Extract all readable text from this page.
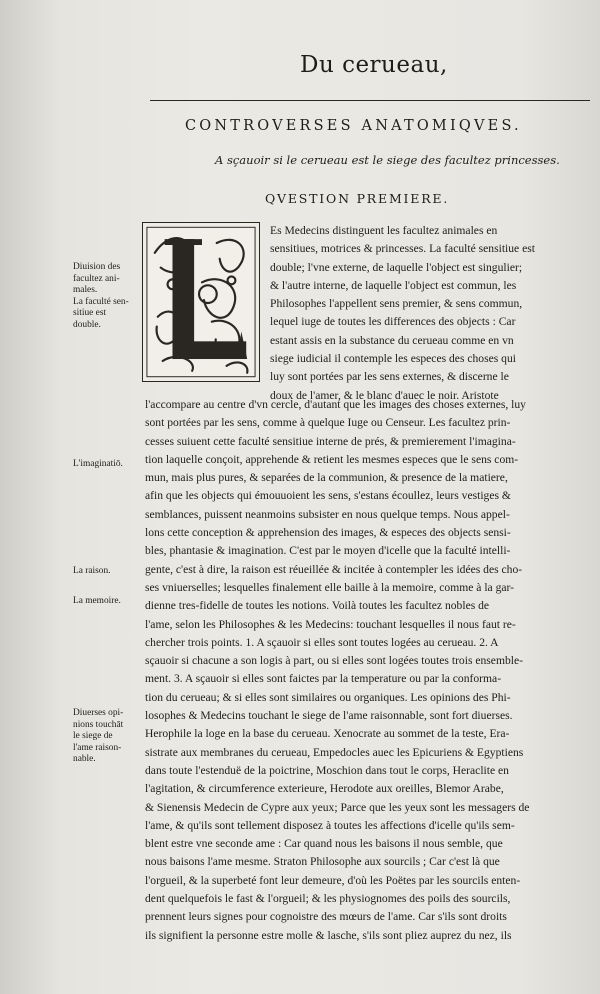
Du cerueau,
CONTROVERSES ANATOMIQVES.
A sçauoir si le cerueau est le siege des facultez princesses.
QVESTION PREMIERE.
L
Es Medecins distinguent les facultez animales en
sensitiues, motrices & princesses. La faculté sensitiue est
double; l'vne externe, de laquelle l'object est singulier;
& l'autre interne, de laquelle l'object est commun, les
Philosophes l'appellent sens premier, & sens commun,
lequel iuge de toutes les differences des objects : Car
estant assis en la substance du cerueau comme en vn
siege iudicial il contemple les especes des choses qui
luy sont portées par les sens externes, & discerne le
doux de l'amer, & le blanc d'auec le noir. Aristote
l'accompare au centre d'vn cercle, d'autant que les images des choses externes, luy
sont portées par les sens, comme à quelque Iuge ou Censeur. Les facultez prin-
cesses suiuent cette faculté sensitiue interne de prés, & premierement l'imagina-
tion laquelle conçoit, apprehende & retient les mesmes especes que le sens com-
mun, mais plus pures, & separées de la communion, & presence de la matiere,
afin que les objects qui émouuoient les sens, s'estans écoullez, leurs vestiges &
semblances, puissent neanmoins subsister en nous quelque temps. Nous appel-
lons cette conception & apprehension des images, & especes des objects sensi-
bles, phantasie & imagination. C'est par le moyen d'icelle que la faculté intelli-
gente, c'est à dire, la raison est réueillée & incitée à contempler les idées des cho-
ses vniuerselles; lesquelles finalement elle baille à la memoire, comme à la gar-
dienne tres-fidelle de toutes les notions. Voilà toutes les facultez nobles de
l'ame, selon les Philosophes & les Medecins: touchant lesquelles il nous faut re-
chercher trois points. 1. A sçauoir si elles sont toutes logées au cerueau. 2. A
sçauoir si chacune a son logis à part, ou si elles sont logées toutes trois ensemble-
ment. 3. A sçauoir si elles sont faictes par la temperature ou par la conforma-
tion du cerueau; & si elles sont similaires ou organiques. Les opinions des Phi-
losophes & Medecins touchant le siege de l'ame raisonnable, sont fort diuerses.
Herophile la loge en la base du cerueau. Xenocrate au sommet de la teste, Era-
sistrate aux membranes du cerueau, Empedocles auec les Epicuriens & Egyptiens
dans toute l'estenduë de la poictrine, Moschion dans tout le corps, Heraclite en
l'agitation, & circumference exterieure, Herodote aux oreilles, Blemor Arabe,
& Sienensis Medecin de Cypre aux yeux; Parce que les yeux sont les messagers de
l'ame, & qu'ils sont tellement disposez à toutes les affections d'icelle qu'ils sem-
blent estre vne seconde ame : Car quand nous les baisons il nous semble, que
nous baisons l'ame mesme. Straton Philosophe aux sourcils ; Car c'est là que
l'orgueil, & la superbeté font leur demeure, d'où les Poëtes par les sourcils enten-
dent quelquefois le fast & l'orgueil; & les physiognomes des poils des sourcils,
prennent leurs signes pour cognoistre des mœurs de l'ame. Car s'ils sont droits
ils signifient la personne estre molle & lasche, s'ils sont pliez auprez du nez, ils
Diuision des
facultez ani-
males.
La faculté sen-
sitiue est
double.
L'imaginatiō.
La raison.
La memoire.
Diuerses opi-
nions touchāt
le siege de
l'ame raison-
nable.
